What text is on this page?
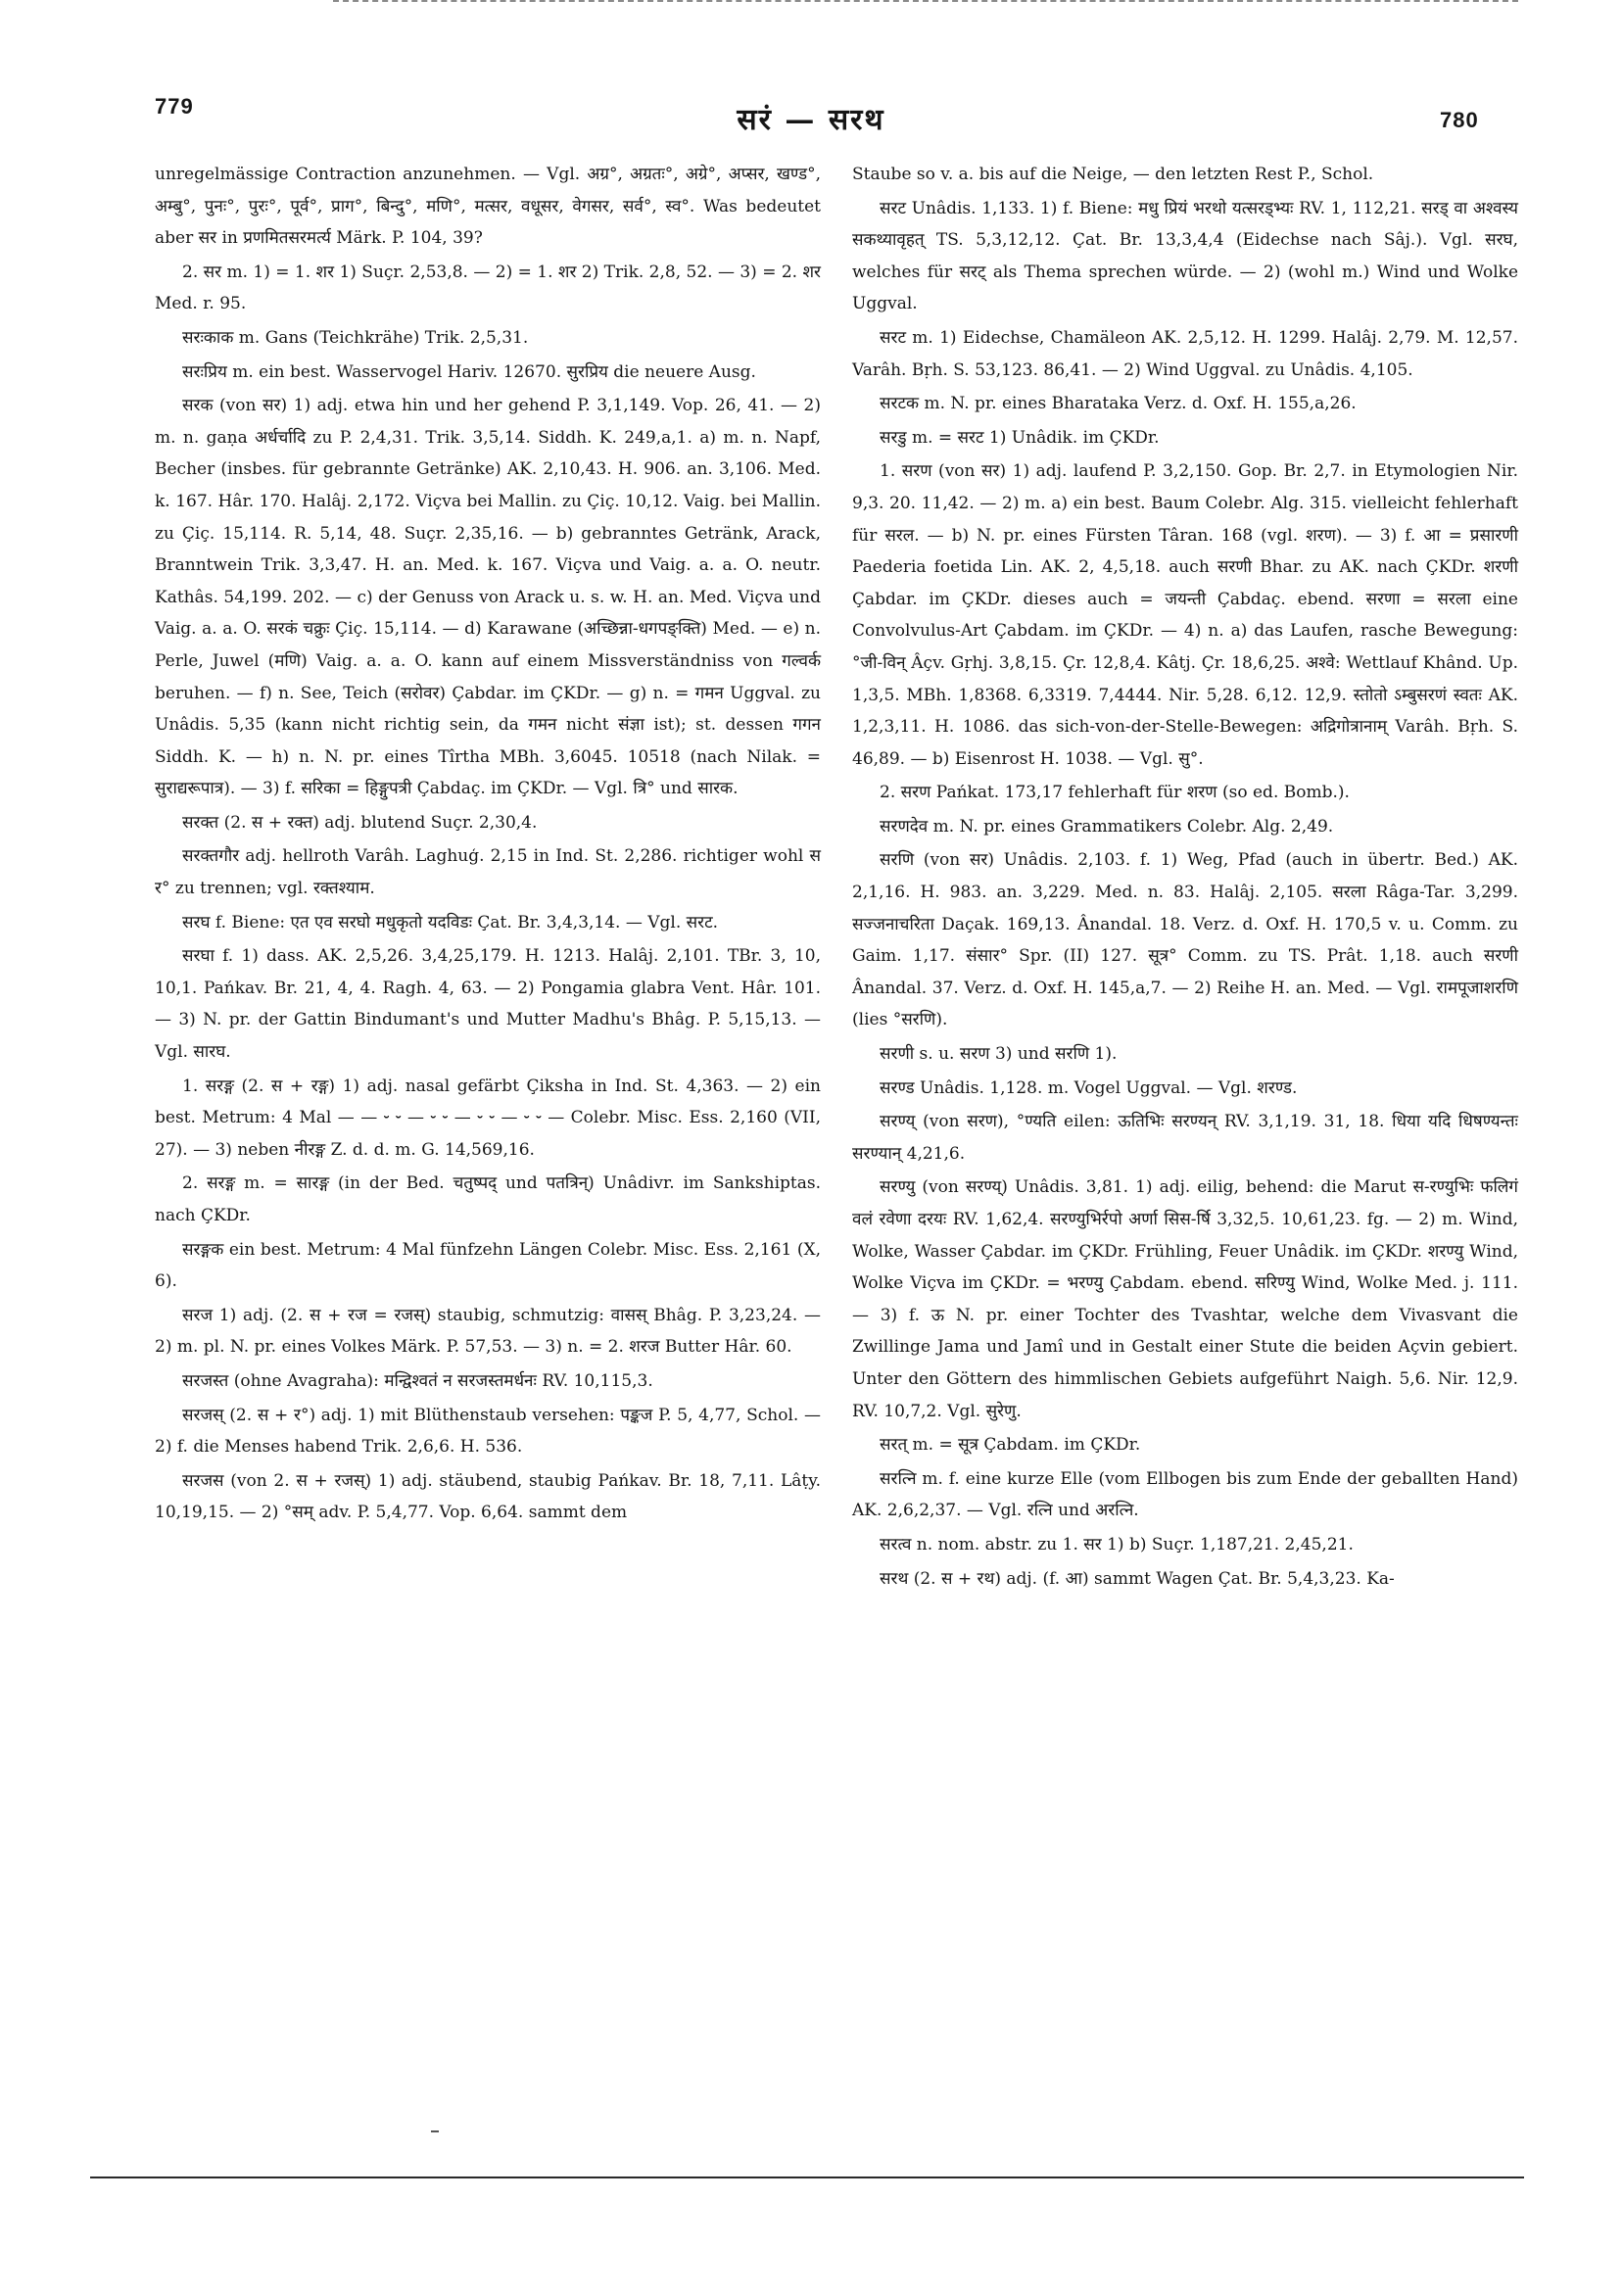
779	सरं — सरथ	780

unregelmässige Contraction anzunehmen. — Vgl. अग्र°, अग्रतः°, अग्रे°, अप्सर, खण्ड°, अम्बु°, पुनः°, पुरः°, पूर्व°, प्राग°, बिन्दु°, मणि°, मत्सर, वधूसर, वेगसर, सर्व°, स्व°. Was bedeutet aber सर in प्रणमितसरमर्त्य Märk. P. 104, 39?

2. सर m. 1) = 1. शर 1) Suçr. 2,53,8. — 2) = 1. शर 2) Trik. 2,8, 52. — 3) = 2. शर Med. r. 95.

सरःकाक m. Gans (Teichkrähe) Trik. 2,5,31.

सरःप्रिय m. ein best. Wasservogel Hariv. 12670. सुरप्रिय die neuere Ausg.

सरक (von सर) 1) adj. etwa hin und her gehend P. 3,1,149. Vop. 26, 41. — 2) m. n. gaṇa अर्धर्चादि zu P. 2,4,31. Trik. 3,5,14. Siddh. K. 249,a,1. a) m. n. Napf, Becher (insbes. für gebrannte Getränke) AK. 2,10,43. H. 906. an. 3,106. Med. k. 167. Hâr. 170. Halâj. 2,172. Viçva bei Mallin. zu Çiç. 10,12. Vaig. bei Mallin. zu Çiç. 15,114. R. 5,14, 48. Suçr. 2,35,16. — b) gebranntes Getränk, Arack, Branntwein Trik. 3,3,47. H. an. Med. k. 167. Viçva und Vaig. a. a. O. neutr. Kathâs. 54,199. 202. — c) der Genuss von Arack u. s. w. H. an. Med. Viçva und Vaig. a. a. O. सरकं चक्रुः Çiç. 15,114. — d) Karawane (अच्छिन्ना-धगपङ्क्ति) Med. — e) n. Perle, Juwel (मणि) Vaig. a. a. O. kann auf einem Missverständniss von गल्वर्क beruhen. — f) n. See, Teich (सरोवर) Çabdar. im ÇKDr. — g) n. = गमन Uggval. zu Unâdis. 5,35 (kann nicht richtig sein, da गमन nicht संज्ञा ist); st. dessen गगन Siddh. K. — h) n. N. pr. eines Tîrtha MBh. 3,6045. 10518 (nach Nilak. = सुराद्यरूपात्र). — 3) f. सरिका = हिङ्गुपत्री Çabdaç. im ÇKDr. — Vgl. त्रि° und सारक.

सरक्त (2. स + रक्त) adj. blutend Suçr. 2,30,4.

सरक्तगौर adj. hellroth Varâh. Laghuģ. 2,15 in Ind. St. 2,286. richtiger wohl स र° zu trennen; vgl. रक्तश्याम.

सरघ f. Biene: एत एव सरघो मधुकृतो यदविडः Çat. Br. 3,4,3,14. — Vgl. सरट.

सरघा f. 1) dass. AK. 2,5,26. 3,4,25,179. H. 1213. Halâj. 2,101. TBr. 3, 10, 10,1. Pańkav. Br. 21, 4, 4. Ragh. 4, 63. — 2) Pongamia glabra Vent. Hâr. 101. — 3) N. pr. der Gattin Bindumant's und Mutter Madhu's Bhâg. P. 5,15,13. — Vgl. सारघ.

1. सरङ्ग (2. स + रङ्ग) 1) adj. nasal gefärbt Çiksha in Ind. St. 4,363. — 2) ein best. Metrum: 4 Mal — — ⏑ ⏑ — ⏑ ⏑ — ⏑ ⏑ — ⏑ ⏑ — Colebr. Misc. Ess. 2,160 (VII, 27). — 3) neben नीरङ्ग Z. d. d. m. G. 14,569,16.

2. सरङ्ग m. = सारङ्ग (in der Bed. चतुष्पद् und पतत्रिन्) Unâdivr. im Sankshiptas. nach ÇKDr.

सरङ्गक ein best. Metrum: 4 Mal fünfzehn Längen Colebr. Misc. Ess. 2,161 (X, 6).

सरज 1) adj. (2. स + रज = रजस्) staubig, schmutzig: वासस् Bhâg. P. 3,23,24. — 2) m. pl. N. pr. eines Volkes Märk. P. 57,53. — 3) n. = 2. शरज Butter Hâr. 60.

सरजस्त (ohne Avagraha): मन्द्विश्वतं न सरजस्तमर्धनः RV. 10,115,3.

सरजस् (2. स + र°) adj. 1) mit Blüthenstaub versehen: पङ्कज P. 5, 4,77, Schol. — 2) f. die Menses habend Trik. 2,6,6. H. 536.

सरजस (von 2. स + रजस्) 1) adj. stäubend, staubig Pańkav. Br. 18, 7,11. Lâṭy. 10,19,15. — 2) °सम् adv. P. 5,4,77. Vop. 6,64. sammt dem

Staube so v. a. bis auf die Neige, — den letzten Rest P., Schol.

सरट Unâdis. 1,133. 1) f. Biene: मधु प्रियं भरथो यत्सरड्भ्यः RV. 1, 112,21. सरड् वा अश्वस्य सकथ्यावृहत् TS. 5,3,12,12. Çat. Br. 13,3,4,4 (Eidechse nach Sâj.). Vgl. सरघ, welches für सरट् als Thema sprechen würde. — 2) (wohl m.) Wind und Wolke Uggval.

सरट m. 1) Eidechse, Chamäleon AK. 2,5,12. H. 1299. Halâj. 2,79. M. 12,57. Varâh. Bṛh. S. 53,123. 86,41. — 2) Wind Uggval. zu Unâdis. 4,105.

सरटक m. N. pr. eines Bharataka Verz. d. Oxf. H. 155,a,26.

सरडु m. = सरट 1) Unâdik. im ÇKDr.

1. सरण (von सर) 1) adj. laufend P. 3,2,150. Gop. Br. 2,7. in Etymologien Nir. 9,3. 20. 11,42. — 2) m. a) ein best. Baum Colebr. Alg. 315. vielleicht fehlerhaft für सरल. — b) N. pr. eines Fürsten Târan. 168 (vgl. शरण). — 3) f. आ = प्रसारणी Paederia foetida Lin. AK. 2, 4,5,18. auch सरणी Bhar. zu AK. nach ÇKDr. शरणी Çabdar. im ÇKDr. dieses auch = जयन्ती Çabdaç. ebend. सरणा = सरला eine Convolvulus-Art Çabdam. im ÇKDr. — 4) n. a) das Laufen, rasche Bewegung: °जी-विन् Âçv. Gṛhj. 3,8,15. Çr. 12,8,4. Kâtj. Çr. 18,6,25. अश्वे: Wettlauf Khând. Up. 1,3,5. MBh. 1,8368. 6,3319. 7,4444. Nir. 5,28. 6,12. 12,9. स्तोतो ऽम्बुसरणं स्वतः AK. 1,2,3,11. H. 1086. das sich-von-der-Stelle-Bewegen: अद्रिगोत्रानाम् Varâh. Bṛh. S. 46,89. — b) Eisenrost H. 1038. — Vgl. सु°.

2. सरण Pańkat. 173,17 fehlerhaft für शरण (so ed. Bomb.).

सरणदेव m. N. pr. eines Grammatikers Colebr. Alg. 2,49.

सरणि (von सर) Unâdis. 2,103. f. 1) Weg, Pfad (auch in übertr. Bed.) AK. 2,1,16. H. 983. an. 3,229. Med. n. 83. Halâj. 2,105. सरला Râga-Tar. 3,299. सज्जनाचरिता Daçak. 169,13. Ânandal. 18. Verz. d. Oxf. H. 170,5 v. u. Comm. zu Gaim. 1,17. संसार° Spr. (II) 127. सूत्र° Comm. zu TS. Prât. 1,18. auch सरणी Ânandal. 37. Verz. d. Oxf. H. 145,a,7. — 2) Reihe H. an. Med. — Vgl. रामपूजाशरणि (lies °सरणि).

सरणी s. u. सरण 3) und सरणि 1).

सरण्ड Unâdis. 1,128. m. Vogel Uggval. — Vgl. शरण्ड.

सरण्य् (von सरण), °ण्यति eilen: ऊतिभिः सरण्यन् RV. 3,1,19. 31, 18. धिया यदि धिषण्यन्तः सरण्यान् 4,21,6.

सरण्यु (von सरण्य्) Unâdis. 3,81. 1) adj. eilig, behend: die Marut स-रण्युभिः फलिगं वलं रवेणा दरयः RV. 1,62,4. सरण्युभिर्रपो अर्णा सिस-र्षि 3,32,5. 10,61,23. fg. — 2) m. Wind, Wolke, Wasser Çabdar. im ÇKDr. Frühling, Feuer Unâdik. im ÇKDr. शरण्यु Wind, Wolke Viçva im ÇKDr. = भरण्यु Çabdam. ebend. सरिण्यु Wind, Wolke Med. j. 111. — 3) f. ऊ N. pr. einer Tochter des Tvashtar, welche dem Vivasvant die Zwillinge Jama und Jamî und in Gestalt einer Stute die beiden Açvin gebiert. Unter den Göttern des himmlischen Gebiets aufgeführt Naigh. 5,6. Nir. 12,9. RV. 10,7,2. Vgl. सुरेणु.

सरत् m. = सूत्र Çabdam. im ÇKDr.

सरत्नि m. f. eine kurze Elle (vom Ellbogen bis zum Ende der geballten Hand) AK. 2,6,2,37. — Vgl. रत्नि und अरत्नि.

सरत्व n. nom. abstr. zu 1. सर 1) b) Suçr. 1,187,21. 2,45,21.

सरथ (2. स + रथ) adj. (f. आ) sammt Wagen Çat. Br. 5,4,3,23. Ka-
